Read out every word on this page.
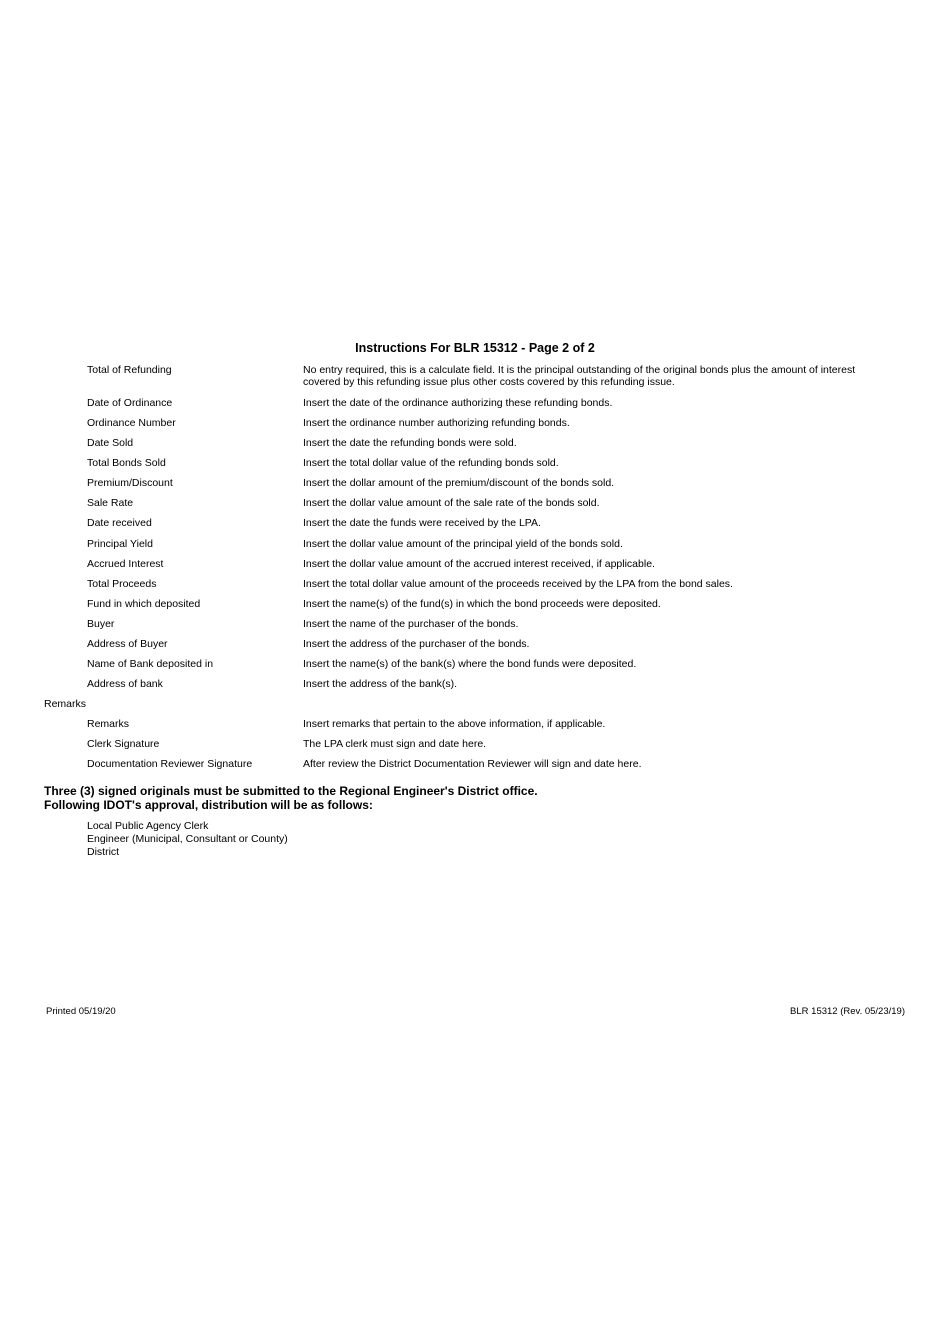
Instructions For BLR 15312 - Page 2 of 2
Total of Refunding	No entry required, this is a calculate field. It is the principal outstanding of the original bonds plus the amount of interest covered by this refunding issue plus other costs covered by this refunding issue.
Date of Ordinance	Insert the date of the ordinance authorizing these refunding bonds.
Ordinance Number	Insert the ordinance number authorizing refunding bonds.
Date Sold	Insert the date the refunding bonds were sold.
Total Bonds Sold	Insert the total dollar value of the refunding bonds sold.
Premium/Discount	Insert the dollar amount of the premium/discount of the bonds sold.
Sale Rate	Insert the dollar value amount of the sale rate of the bonds sold.
Date received	Insert the date the funds were received by the LPA.
Principal Yield	Insert the dollar value amount of the principal yield of the bonds sold.
Accrued Interest	Insert the dollar value amount of the accrued interest received, if applicable.
Total Proceeds	Insert the total dollar value amount of the proceeds received by the LPA from the bond sales.
Fund in which deposited	Insert the name(s) of the fund(s) in which the bond proceeds were deposited.
Buyer	Insert the name of the purchaser of the bonds.
Address of Buyer	Insert the address of the purchaser of the bonds.
Name of Bank deposited in	Insert the name(s) of the bank(s) where the bond funds were deposited.
Address of bank	Insert the address of the bank(s).
Remarks
Remarks	Insert remarks that pertain to the above information, if applicable.
Clerk Signature	The LPA clerk must sign and date here.
Documentation Reviewer Signature	After review the District Documentation Reviewer will sign and date here.
Three (3) signed originals must be submitted to the Regional Engineer's District office.
Following IDOT's approval, distribution will be as follows:
Local Public Agency Clerk
Engineer (Municipal, Consultant or County)
District
Printed 05/19/20	BLR 15312 (Rev. 05/23/19)
